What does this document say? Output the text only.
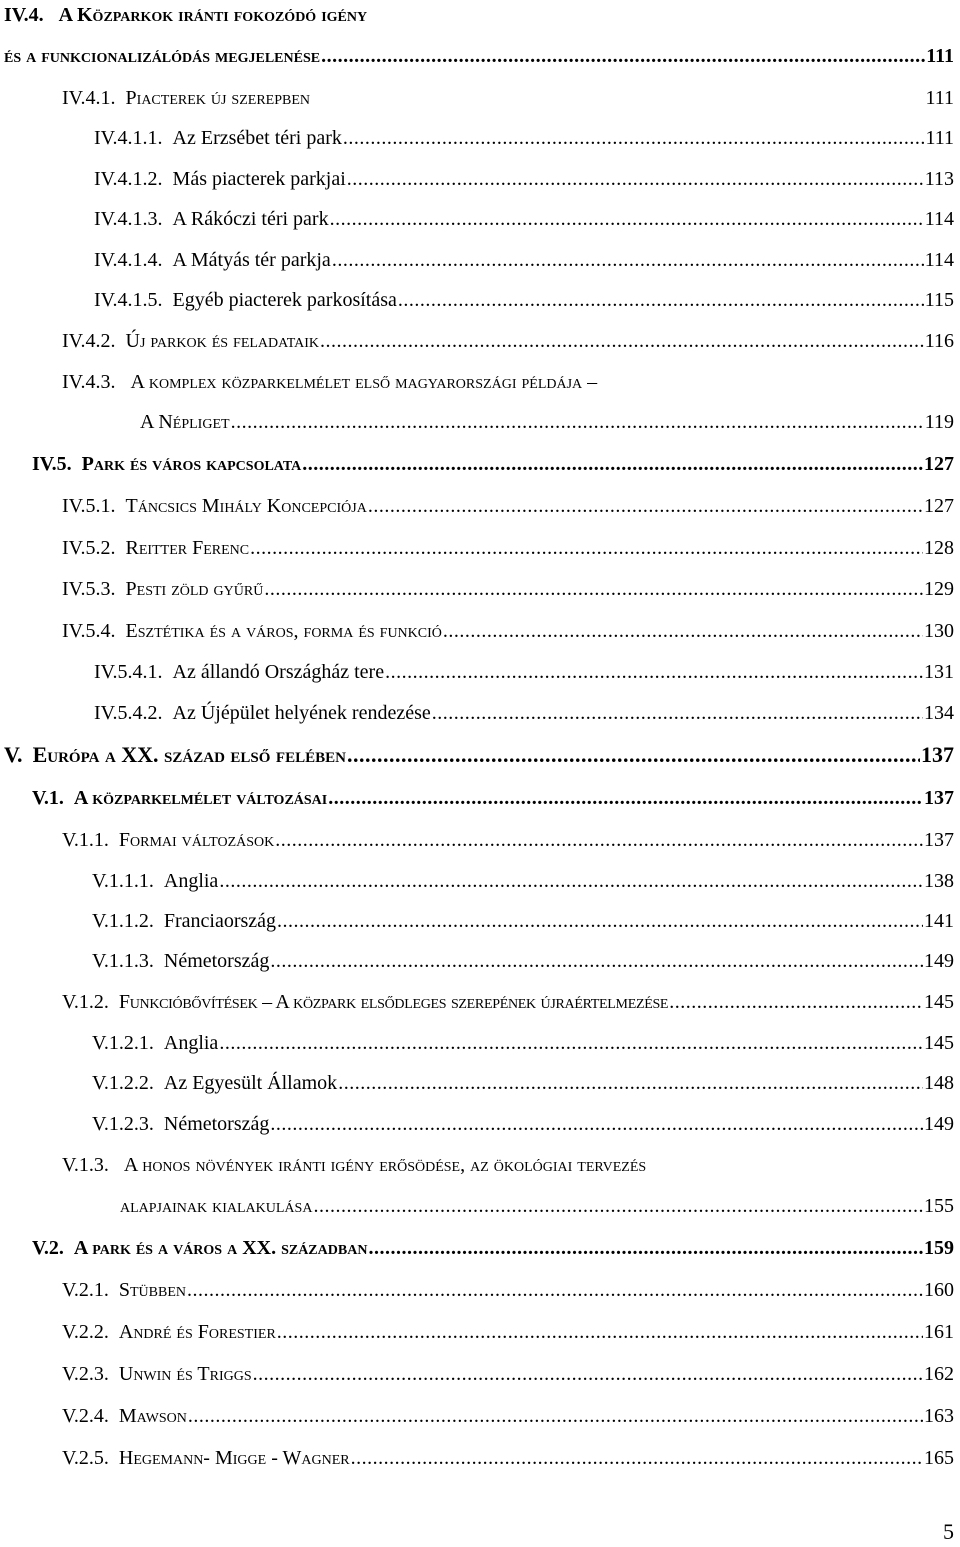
IV.4. A Közparkok iránti fokozódó igény
és a funkcionalizálódás megjelenése .....	111
IV.4.1. Piacterek új szerepben	111
IV.4.1.1. Az Erzsébet téri park .....	111
IV.4.1.2. Más piacterek parkjai .....	113
IV.4.1.3. A Rákóczi téri park .....	114
IV.4.1.4. A Mátyás tér parkja .....	114
IV.4.1.5. Egyéb piacterek parkosítása .....	115
IV.4.2. Új parkok és feladataik .....	116
IV.4.3. A komplex közparkelmélet első magyarországi példája –
A Népliget .....	119
IV.5. Park és város kapcsolata .....	127
IV.5.1. Táncsics Mihály Koncepciója .....	127
IV.5.2. Reitter Ferenc .....	128
IV.5.3. Pesti zöld gyűrű .....	129
IV.5.4. Esztétika és a város, forma és funkció .....	130
IV.5.4.1. Az állandó Országház tere .....	131
IV.5.4.2. Az Újépület helyének rendezése .....	134
V. Európa a XX. század első felében .....	137
V.1. A közparkelmélet változásai .....	137
V.1.1. Formai változások .....	137
V.1.1.1. Anglia .....	138
V.1.1.2. Franciaország .....	141
V.1.1.3. Németország .....	149
V.1.2. Funkcióbővítések – A közpark elsődleges szerepének újraértelmezése .....	145
V.1.2.1. Anglia .....	145
V.1.2.2. Az Egyesült Államok .....	148
V.1.2.3. Németország .....	149
V.1.3. A honos növények iránti igény erősödése, az ökológiai tervezés
alapjainak kialakulása .....	155
V.2. A park és a város a XX. században .....	159
V.2.1. Stübben .....	160
V.2.2. André és Forestier .....	161
V.2.3. Unwin és Triggs .....	162
V.2.4. Mawson .....	163
V.2.5. Hegemann- Migge - Wagner .....	165
5
